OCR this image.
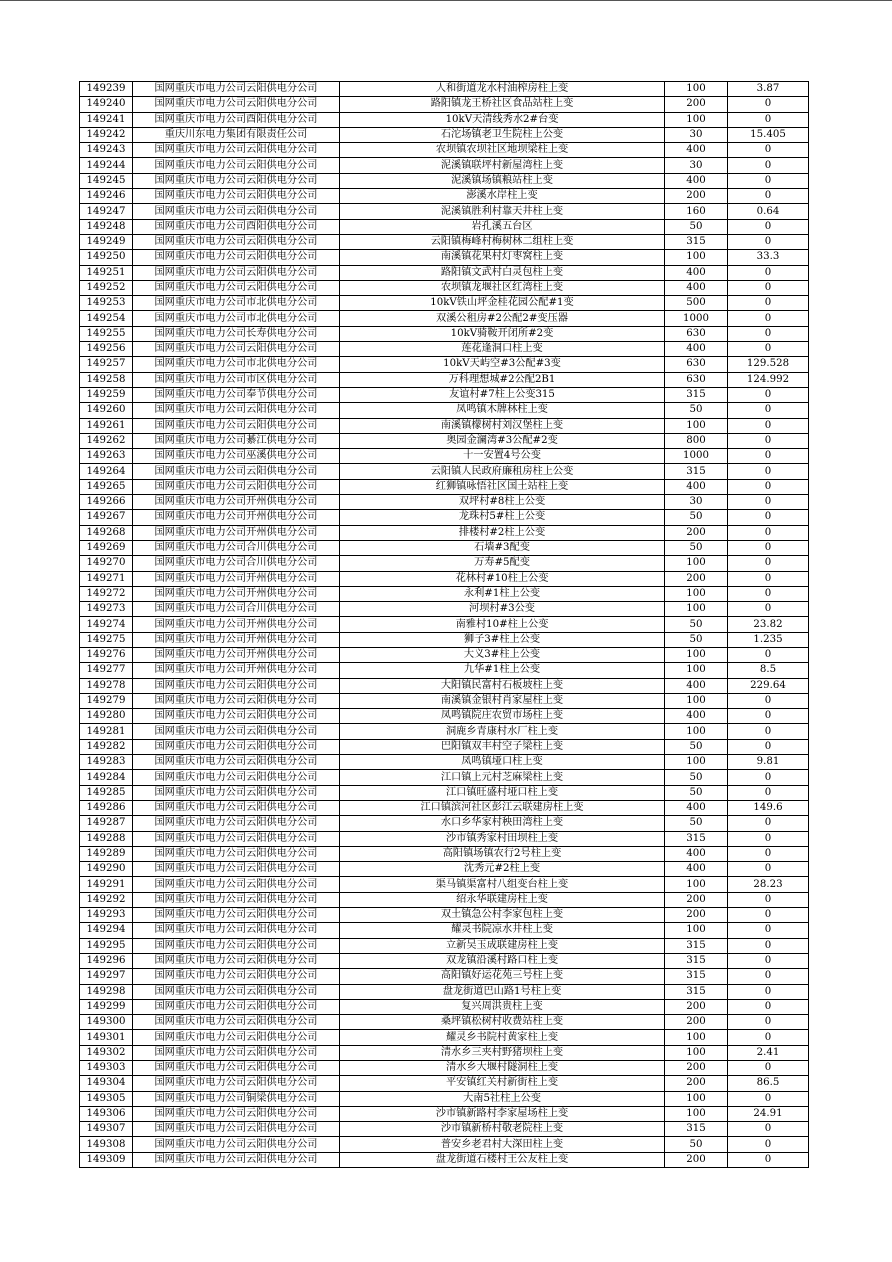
149239	国网重庆市电力公司云阳供电分公司	人和街道龙水村油榨房柱上变	100	3.87
149240	国网重庆市电力公司云阳供电分公司	路阳镇龙王桥社区食品站柱上变	200	0
149241	国网重庆市电力公司酉阳供电分公司	10kV天清线秀水2#台变	100	0
149242	重庆川东电力集团有限责任公司	石沱场镇老卫生院柱上公变	30	15.405
149243	国网重庆市电力公司云阳供电分公司	农坝镇农坝社区地坝梁柱上变	400	0
149244	国网重庆市电力公司云阳供电分公司	泥溪镇联坪村新屋湾柱上变	30	0
149245	国网重庆市电力公司云阳供电分公司	泥溪镇场镇粮站柱上变	400	0
149246	国网重庆市电力公司云阳供电分公司	澎溪水岸柱上变	200	0
149247	国网重庆市电力公司云阳供电分公司	泥溪镇胜利村靠天井柱上变	160	0.64
149248	国网重庆市电力公司酉阳供电分公司	岩孔溪五台区	50	0
149249	国网重庆市电力公司云阳供电分公司	云阳镇梅峰村梅树林二组柱上变	315	0
149250	国网重庆市电力公司云阳供电分公司	南溪镇花果村灯枣窝柱上变	100	33.3
149251	国网重庆市电力公司云阳供电分公司	路阳镇文武村白灵包柱上变	400	0
149252	国网重庆市电力公司云阳供电分公司	农坝镇龙堰社区红湾柱上变	400	0
149253	国网重庆市电力公司市北供电分公司	10kV铁山坪金桂花园公配#1变	500	0
149254	国网重庆市电力公司市北供电分公司	双溪公租房#2公配2#变压器	1000	0
149255	国网重庆市电力公司长寿供电分公司	10kV骑鞍开闭所#2变	630	0
149256	国网重庆市电力公司云阳供电分公司	莲花逢洞口柱上变	400	0
149257	国网重庆市电力公司市北供电分公司	10kV天屿空#3公配#3变	630	129.528
149258	国网重庆市电力公司市区供电分公司	万科理想城#2公配2B1	630	124.992
149259	国网重庆市电力公司奉节供电分公司	友谊村#7柱上公变315	315	0
149260	国网重庆市电力公司云阳供电分公司	凤鸣镇木牌林柱上变	50	0
149261	国网重庆市电力公司云阳供电分公司	南溪镇檬树村刘汉堡柱上变	100	0
149262	国网重庆市电力公司綦江供电分公司	奥园金澜湾#3公配#2变	800	0
149263	国网重庆市电力公司巫溪供电分公司	十一安置4号公变	1000	0
149264	国网重庆市电力公司云阳供电分公司	云阳镇人民政府廉租房柱上公变	315	0
149265	国网重庆市电力公司云阳供电分公司	红狮镇咏悟社区国土站柱上变	400	0
149266	国网重庆市电力公司开州供电分公司	双坪村#8柱上公变	30	0
149267	国网重庆市电力公司开州供电分公司	龙珠村5#柱上公变	50	0
149268	国网重庆市电力公司开州供电分公司	排楼村#2柱上公变	200	0
149269	国网重庆市电力公司合川供电分公司	石墙#3配变	50	0
149270	国网重庆市电力公司合川供电分公司	万寿#5配变	100	0
149271	国网重庆市电力公司开州供电分公司	花林村#10柱上公变	200	0
149272	国网重庆市电力公司开州供电分公司	永利#1柱上公变	100	0
149273	国网重庆市电力公司合川供电分公司	河坝村#3公变	100	0
149274	国网重庆市电力公司开州供电分公司	南雅村10#柱上公变	50	23.82
149275	国网重庆市电力公司开州供电分公司	狮子3#柱上公变	50	1.235
149276	国网重庆市电力公司开州供电分公司	大义3#柱上公变	100	0
149277	国网重庆市电力公司开州供电分公司	九华#1柱上公变	100	8.5
149278	国网重庆市电力公司云阳供电分公司	大阳镇民富村石板坡柱上变	400	229.64
149279	国网重庆市电力公司云阳供电分公司	南溪镇金银村肖家屋柱上变	100	0
149280	国网重庆市电力公司云阳供电分公司	凤鸣镇院庄农贸市场柱上变	400	0
149281	国网重庆市电力公司云阳供电分公司	洞鹿乡青康村水厂柱上变	100	0
149282	国网重庆市电力公司云阳供电分公司	巴阳镇双丰村空子梁柱上变	50	0
149283	国网重庆市电力公司云阳供电分公司	凤鸣镇垭口柱上变	100	9.81
149284	国网重庆市电力公司云阳供电分公司	江口镇上元村芝麻梁柱上变	50	0
149285	国网重庆市电力公司云阳供电分公司	江口镇旺盛村垭口柱上变	50	0
149286	国网重庆市电力公司云阳供电分公司	江口镇滨河社区彭江云联建房柱上变	400	149.6
149287	国网重庆市电力公司云阳供电分公司	水口乡华家村秧田湾柱上变	50	0
149288	国网重庆市电力公司云阳供电分公司	沙市镇秀家村田坝柱上变	315	0
149289	国网重庆市电力公司云阳供电分公司	高阳镇场镇农行2号柱上变	400	0
149290	国网重庆市电力公司云阳供电分公司	沈秀元#2柱上变	400	0
149291	国网重庆市电力公司云阳供电分公司	渠马镇渠富村八组变台柱上变	100	28.23
149292	国网重庆市电力公司云阳供电分公司	绍永华联建房柱上变	200	0
149293	国网重庆市电力公司云阳供电分公司	双土镇急公村李家包柱上变	200	0
149294	国网重庆市电力公司云阳供电分公司	耀灵书院凉水井柱上变	100	0
149295	国网重庆市电力公司云阳供电分公司	立新吴玉成联建房柱上变	315	0
149296	国网重庆市电力公司云阳供电分公司	双龙镇沿溪村路口柱上变	315	0
149297	国网重庆市电力公司云阳供电分公司	高阳镇好运花苑三号柱上变	315	0
149298	国网重庆市电力公司云阳供电分公司	盘龙街道巴山路1号柱上变	315	0
149299	国网重庆市电力公司云阳供电分公司	复兴周洪贵柱上变	200	0
149300	国网重庆市电力公司云阳供电分公司	桑坪镇松树村收费站柱上变	200	0
149301	国网重庆市电力公司云阳供电分公司	耀灵乡书院村黄家柱上变	100	0
149302	国网重庆市电力公司云阳供电分公司	清水乡三夹村野猪坝柱上变	100	2.41
149303	国网重庆市电力公司云阳供电分公司	清水乡大堰村隧洞柱上变	200	0
149304	国网重庆市电力公司云阳供电分公司	平安镇红关村新街柱上变	200	86.5
149305	国网重庆市电力公司铜梁供电分公司	大南5社柱上公变	100	0
149306	国网重庆市电力公司云阳供电分公司	沙市镇新路村李家屋场柱上变	100	24.91
149307	国网重庆市电力公司云阳供电分公司	沙市镇新桥村敬老院柱上变	315	0
149308	国网重庆市电力公司云阳供电分公司	普安乡老君村大深田柱上变	50	0
149309	国网重庆市电力公司云阳供电分公司	盘龙街道石楼村王公友柱上变	200	0
